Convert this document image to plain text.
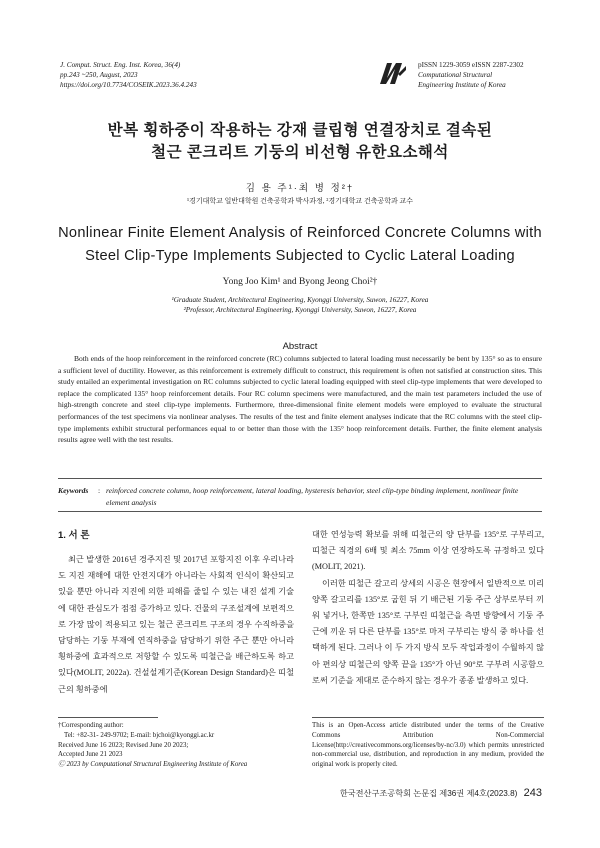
J. Comput. Struct. Eng. Inst. Korea, 36(4)
pp.243 ~250, August, 2023
https://doi.org/10.7734/COSEIK.2023.36.4.243
pISSN 1229-3059 eISSN 2287-2302
Computational Structural
Engineering Institute of Korea
반복 횡하중이 작용하는 강재 클립형 연결장치로 결속된
철근 콘크리트 기둥의 비선형 유한요소해석
김 용 주¹·최 병 정²†
¹경기대학교 일반대학원 건축공학과 박사과정, ²경기대학교 건축공학과 교수
Nonlinear Finite Element Analysis of Reinforced Concrete Columns with
Steel Clip-Type Implements Subjected to Cyclic Lateral Loading
Yong Joo Kim¹ and Byong Jeong Choi²†
¹Graduate Student, Architectural Engineering, Kyonggi University, Suwon, 16227, Korea
²Professor, Architectural Engineering, Kyonggi University, Suwon, 16227, Korea
Abstract
Both ends of the hoop reinforcement in the reinforced concrete (RC) columns subjected to lateral loading must necessarily be bent by 135° so as to ensure a sufficient level of ductility. However, as this reinforcement is extremely difficult to construct, this requirement is often not satisfied at construction sites. This study entailed an experimental investigation on RC columns subjected to cyclic lateral loading equipped with steel clip-type implements that were developed to replace the complicated 135° hoop reinforcement details. Four RC column specimens were manufactured, and the main test parameters included the use of high-strength concrete and steel clip-type implements. Furthermore, three-dimensional finite element models were employed to evaluate the structural performances of the test specimens via nonlinear analyses. The results of the test and finite element analyses indicate that the RC columns with the steel clip-type implements exhibit structural performances equal to or better than those with the 135° hoop reinforcement details. Further, the finite element analysis results agree well with the test results.
Keywords : reinforced concrete column, hoop reinforcement, lateral loading, hysteresis behavior, steel clip-type binding implement, nonlinear finite element analysis
1. 서 론
최근 발생한 2016년 경주지진 및 2017년 포항지진 이후 우리나라도 지진 재해에 대한 안전지대가 아니라는 사회적 인식이 확산되고 있을 뿐만 아니라 지진에 의한 피해를 줄일 수 있는 내진 설계 기술에 대한 관심도가 점점 증가하고 있다. 건물의 구조설계에 보편적으로 가장 많이 적용되고 있는 철근 콘크리트 구조의 경우 수직하중을 담당하는 기둥 부재에 연직하중을 담당하기 위한 주근 뿐만 아니라 횡하중에 효과적으로 저항할 수 있도록 띠철근을 배근하도록 하고 있다(MOLIT, 2022a). 건설설계기준(Korean Design Standard)은 띠철근의 횡하중에

대한 연성능력 확보를 위해 띠철근의 양 단부를 135°로 구부리고, 띠철근 직경의 6배 및 최소 75mm 이상 연장하도록 규정하고 있다(MOLIT, 2021).

이러한 띠철근 갈고리 상세의 시공은 현장에서 일반적으로 미리 양쪽 갈고리를 135°로 굽힌 뒤 기 배근된 기둥 주근 상부로부터 끼워 넣거나, 한쪽만 135°로 구부린 띠철근을 측면 방향에서 기둥 주근에 끼운 뒤 다른 단부를 135°로 마저 구부리는 방식 중 하나를 선택하게 된다. 그러나 이 두 가지 방식 모두 작업과정이 수월하지 않아 편의상 띠철근의 양쪽 끝을 135°가 아닌 90°로 구부려 시공함으로써 기준을 제대로 준수하지 않는 경우가 종종 발생하고 있다.

†Corresponding author:
Tel: +82-31- 249-9702; E-mail: bjchoi@kyonggi.ac.kr
Received June 16 2023; Revised June 20 2023;
Accepted June 21 2023
Ⓒ 2023 by Computational Structural Engineering Institute of Korea
This is an Open-Access article distributed under the terms of the Creative Commons Attribution Non-Commercial License(http://creativecommons.org/licenses/by-nc/3.0) which permits unrestricted non-commercial use, distribution, and reproduction in any medium, provided the original work is properly cited.
한국전산구조공학회 논문집 제36권 제4호(2023.8) 243
